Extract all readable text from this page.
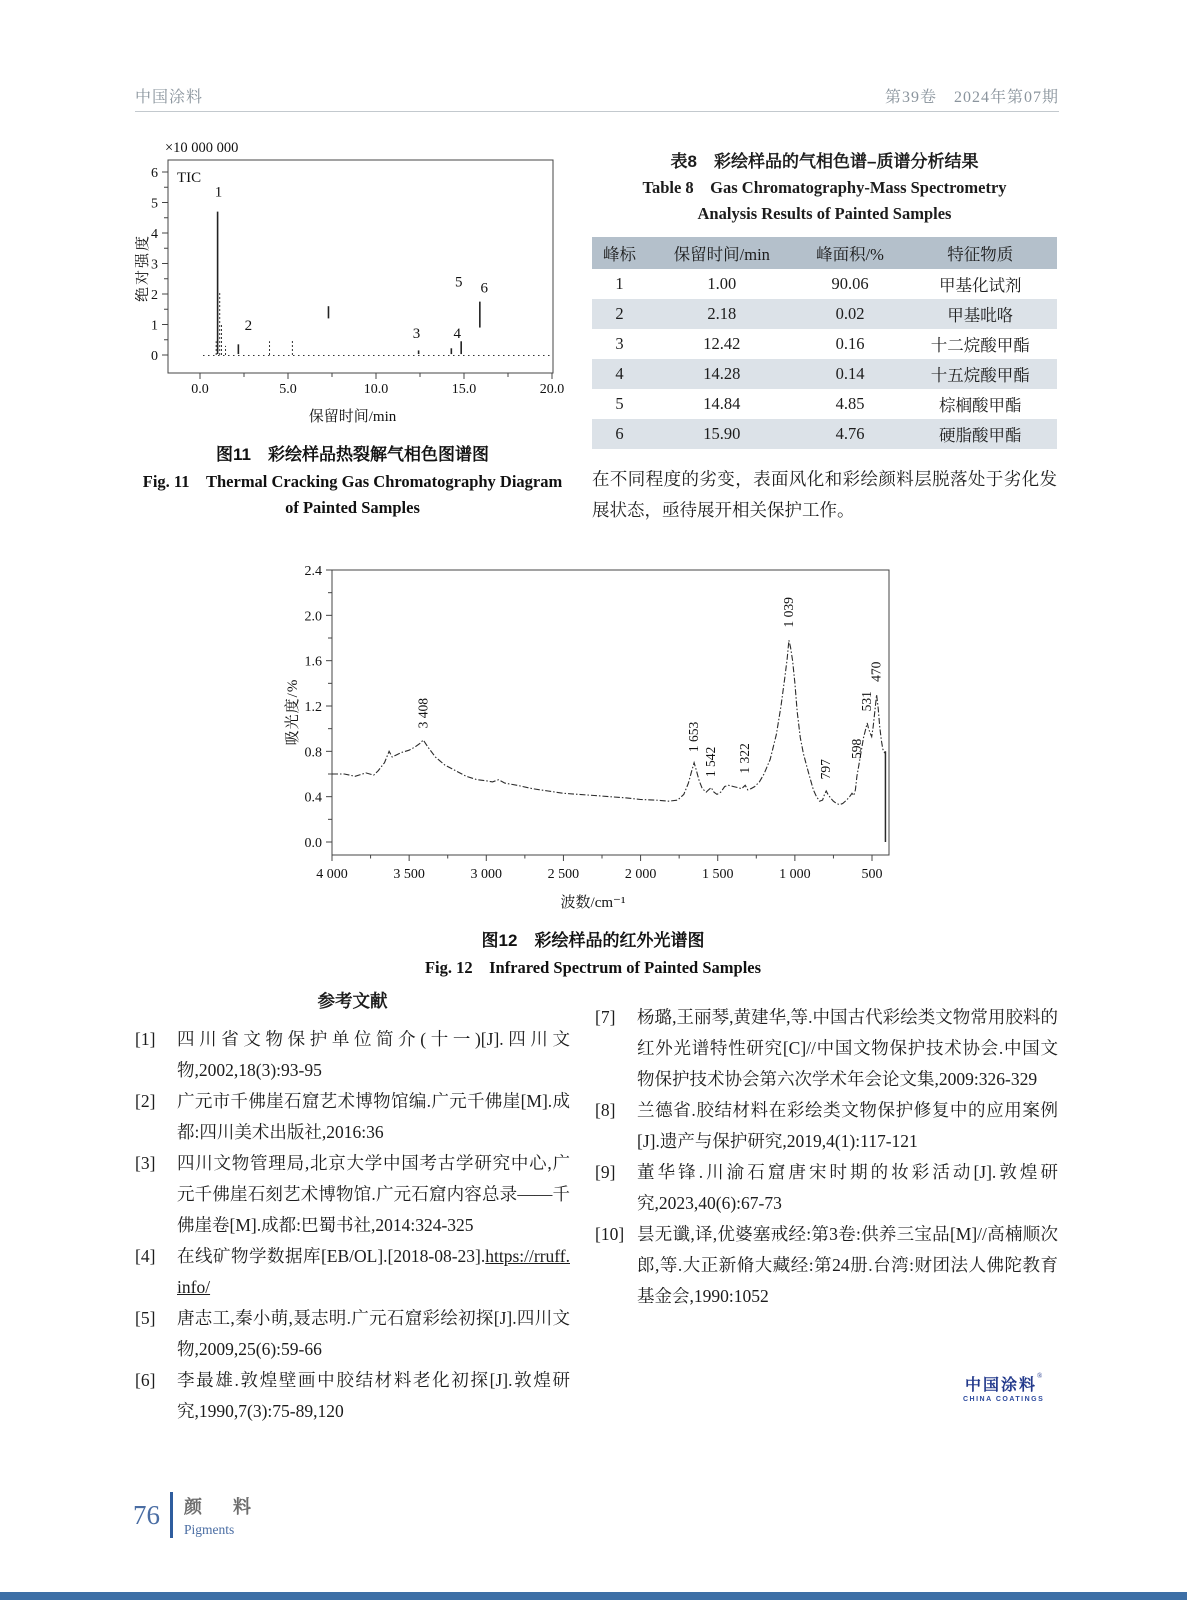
中国涂料	第39卷　2024年第07期
×10 000 000
TIC
0
1
2
3
4
5
6
0.0	5.0	10.0	15.0	20.0
绝对强度
1
2
3 4
5 6
保留时间/min
图11　彩绘样品热裂解气相色图谱图
Fig. 11　Thermal Cracking Gas Chromatography Diagram
of Painted Samples
表8　彩绘样品的气相色谱–质谱分析结果
Table 8　Gas Chromatography-Mass Spectrometry
Analysis Results of Painted Samples
峰标	保留时间/min	峰面积/%	特征物质
1	1.00	90.06	甲基化试剂
2	2.18	0.02	甲基吡咯
3	12.42	0.16	十二烷酸甲酯
4	14.28	0.14	十五烷酸甲酯
5	14.84	4.85	棕榈酸甲酯
6	15.90	4.76	硬脂酸甲酯
在不同程度的劣变，表面风化和彩绘颜料层脱落处于劣化发展状态，亟待展开相关保护工作。
0.0
0.4
0.8
1.2
1.6
2.0
2.4
4 000	3 500	3 000	2 500	2 000	1 500	1 000	500
吸光度/%	3 408
1 653
1 542 1 322
1 039
797
598
531
470
波数/cm⁻¹
图12　彩绘样品的红外光谱图
Fig. 12　Infrared Spectrum of Painted Samples
参考文献
[1]	四川省文物保护单位简介(十一)[J].四川文物,2002,18(3):93-95
[2]	广元市千佛崖石窟艺术博物馆编.广元千佛崖[M].成都:四川美术出版社,2016:36
[3]	四川文物管理局,北京大学中国考古学研究中心,广元千佛崖石刻艺术博物馆.广元石窟内容总录——千佛崖卷[M].成都:巴蜀书社,2014:324-325
[4]	在线矿物学数据库[EB/OL].[2018-08-23].https://rruff.info/
[5]	唐志工,秦小萌,聂志明.广元石窟彩绘初探[J].四川文物,2009,25(6):59-66
[6]	李最雄.敦煌壁画中胶结材料老化初探[J].敦煌研究,1990,7(3):75-89,120
[7]	杨璐,王丽琴,黄建华,等.中国古代彩绘类文物常用胶料的红外光谱特性研究[C]//中国文物保护技术协会.中国文物保护技术协会第六次学术年会论文集,2009:326-329
[8]	兰德省.胶结材料在彩绘类文物保护修复中的应用案例[J].遗产与保护研究,2019,4(1):117-121
[9]	董华锋.川渝石窟唐宋时期的妆彩活动[J].敦煌研究,2023,40(6):67-73
[10] 昙无谶,译,优婆塞戒经:第3卷:供养三宝品[M]//高楠顺次郎,等.大正新脩大藏经:第24册.台湾:财团法人佛陀教育基金会,1990:1052
76 颜 料
Pigments
中国涂料®
CHINA COATINGS
